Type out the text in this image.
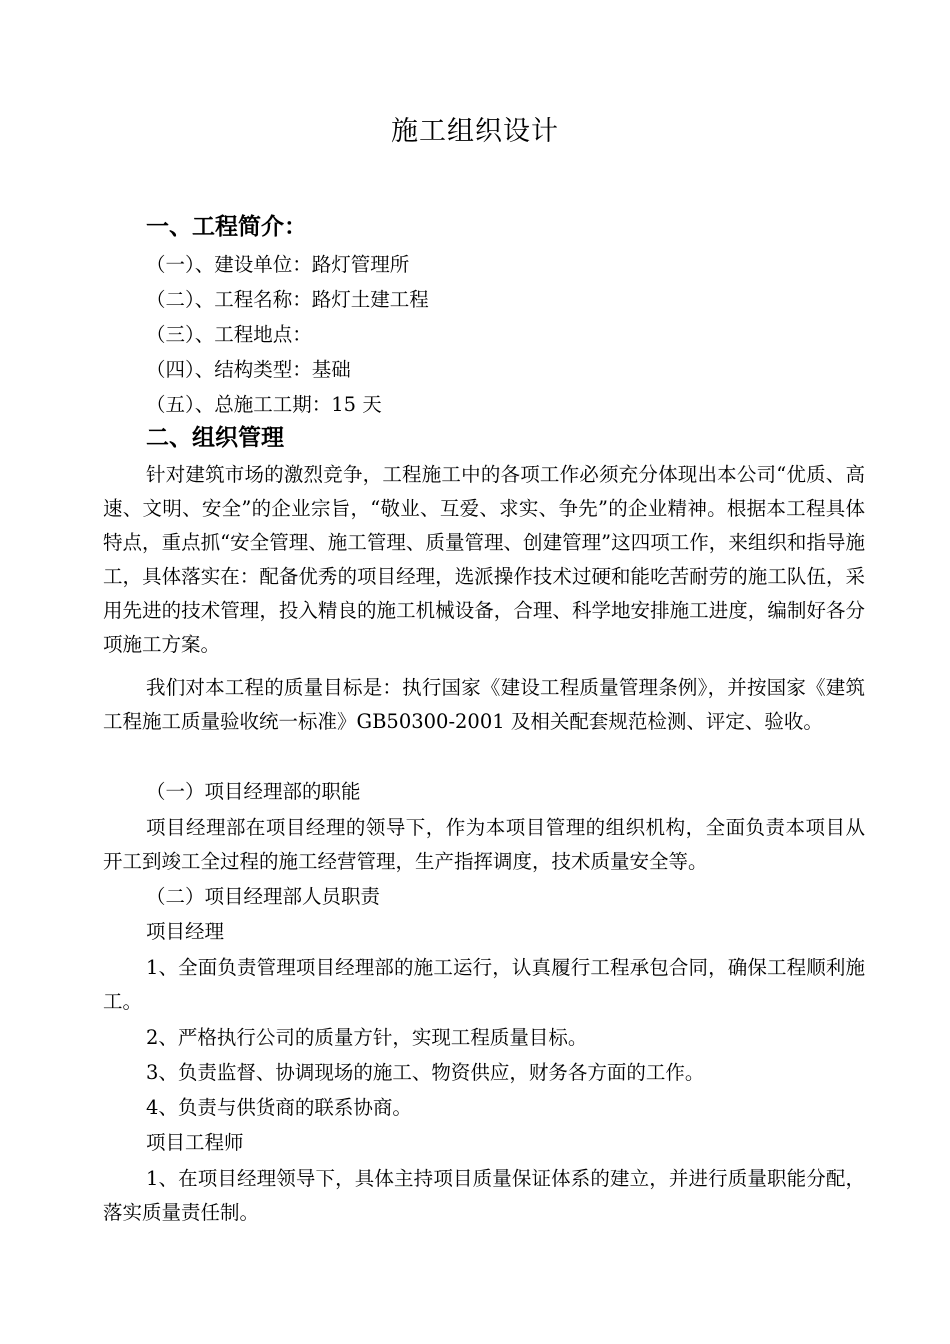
施工组织设计
一、工程简介：
（一）、建设单位：路灯管理所
（二）、工程名称：路灯土建工程
（三）、工程地点：
（四）、结构类型：基础
（五）、总施工工期：15 天
二、组织管理
针对建筑市场的激烈竞争，工程施工中的各项工作必须充分体现出本公司“优质、高速、文明、安全”的企业宗旨，“敬业、互爱、求实、争先”的企业精神。根据本工程具体特点，重点抓“安全管理、施工管理、质量管理、创建管理”这四项工作，来组织和指导施工，具体落实在：配备优秀的项目经理，选派操作技术过硬和能吃苦耐劳的施工队伍，采用先进的技术管理，投入精良的施工机械设备，合理、科学地安排施工进度，编制好各分项施工方案。
我们对本工程的质量目标是：执行国家《建设工程质量管理条例》，并按国家《建筑工程施工质量验收统一标准》GB50300-2001 及相关配套规范检测、评定、验收。
（一）项目经理部的职能
项目经理部在项目经理的领导下，作为本项目管理的组织机构，全面负责本项目从开工到竣工全过程的施工经营管理，生产指挥调度，技术质量安全等。
（二）项目经理部人员职责
项目经理
1、全面负责管理项目经理部的施工运行，认真履行工程承包合同，确保工程顺利施工。
2、严格执行公司的质量方针，实现工程质量目标。
3、负责监督、协调现场的施工、物资供应，财务各方面的工作。
4、负责与供货商的联系协商。
项目工程师
1、在项目经理领导下，具体主持项目质量保证体系的建立，并进行质量职能分配，落实质量责任制。
